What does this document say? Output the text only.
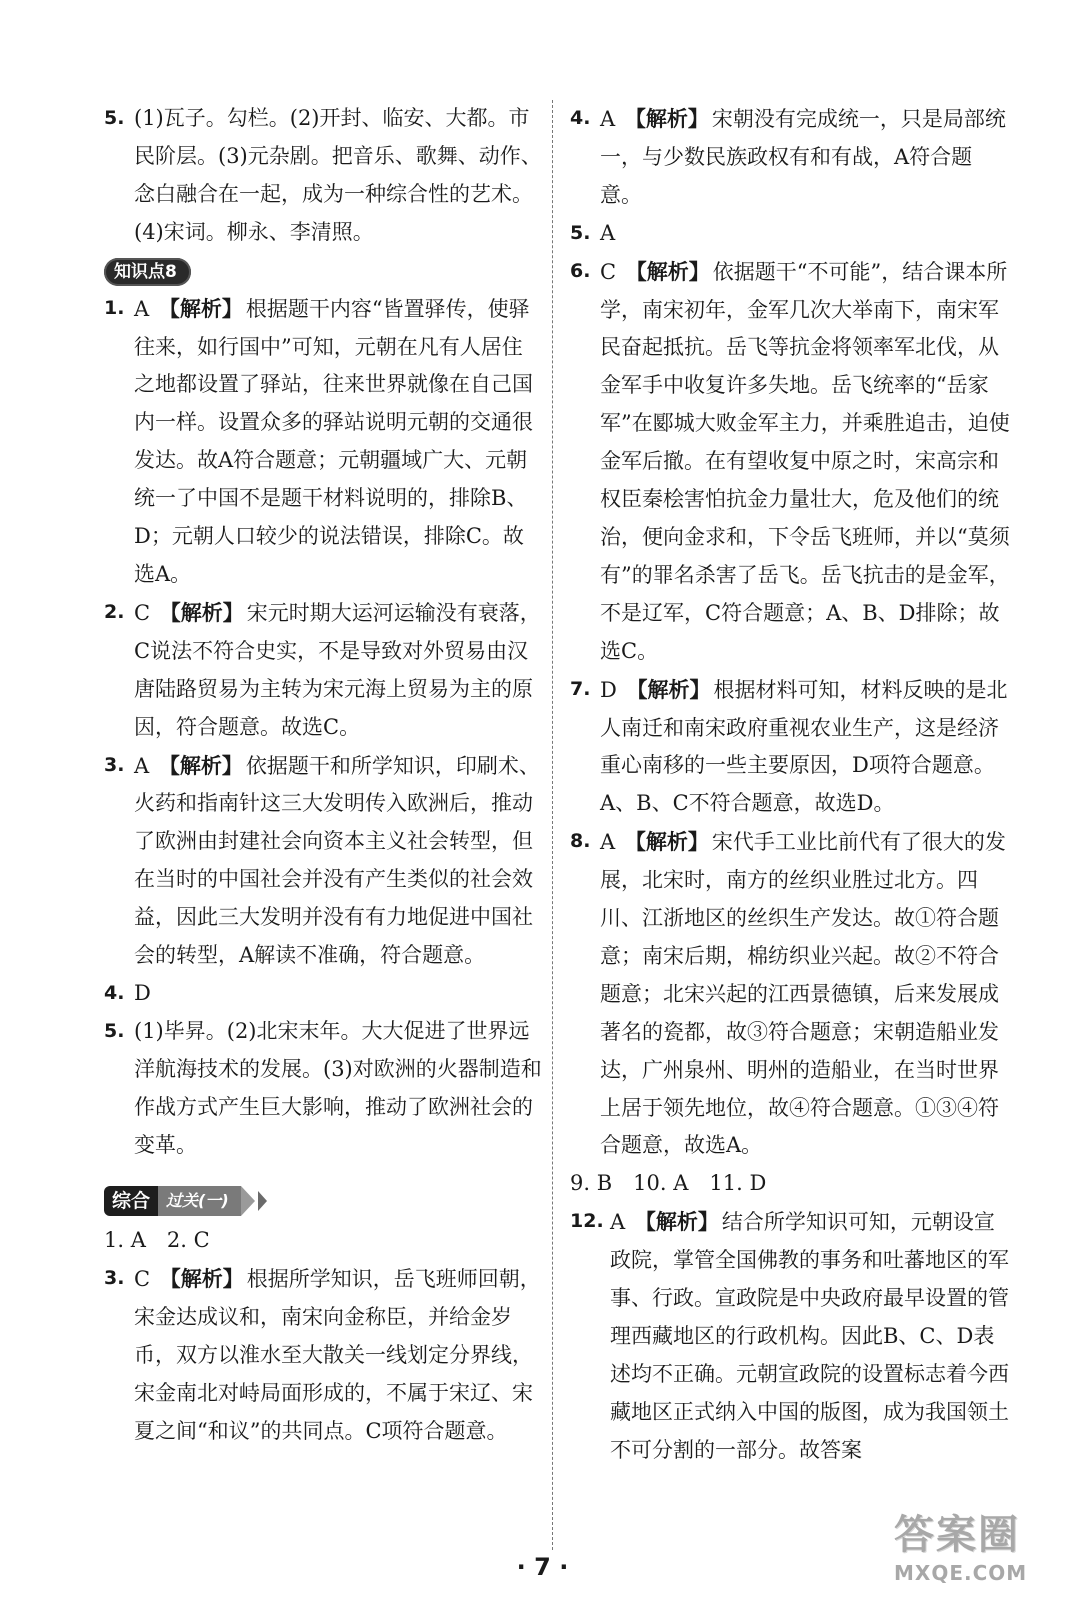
5. (1)瓦子。勾栏。(2)开封、临安、大都。市民阶层。(3)元杂剧。把音乐、歌舞、动作、念白融合在一起，成为一种综合性的艺术。(4)宋词。柳永、李清照。
知识点8
1. A 【解析】 根据题干内容“皆置驿传，使驿往来，如行国中”可知，元朝在凡有人居住之地都设置了驿站，往来世界就像在自己国内一样。设置众多的驿站说明元朝的交通很发达。故A符合题意；元朝疆域广大、元朝统一了中国不是题干材料说明的，排除B、D；元朝人口较少的说法错误，排除C。故选A。
2. C 【解析】 宋元时期大运河运输没有衰落，C说法不符合史实，不是导致对外贸易由汉唐陆路贸易为主转为宋元海上贸易为主的原因，符合题意。故选C。
3. A 【解析】 依据题干和所学知识，印刷术、火药和指南针这三大发明传入欧洲后，推动了欧洲由封建社会向资本主义社会转型，但在当时的中国社会并没有产生类似的社会效益，因此三大发明并没有有力地促进中国社会的转型，A解读不准确，符合题意。
4. D
5. (1)毕昇。(2)北宋末年。大大促进了世界远洋航海技术的发展。(3)对欧洲的火器制造和作战方式产生巨大影响，推动了欧洲社会的变革。
综合	过关(一)
1. A　2. C
3. C 【解析】 根据所学知识，岳飞班师回朝，宋金达成议和，南宋向金称臣，并给金岁币，双方以淮水至大散关一线划定分界线，宋金南北对峙局面形成的，不属于宋辽、宋夏之间“和议”的共同点。C项符合题意。
4. A 【解析】 宋朝没有完成统一，只是局部统一，与少数民族政权有和有战，A符合题意。
5. A
6. C 【解析】 依据题干“不可能”，结合课本所学，南宋初年，金军几次大举南下，南宋军民奋起抵抗。岳飞等抗金将领率军北伐，从金军手中收复许多失地。岳飞统率的“岳家军”在郾城大败金军主力，并乘胜追击，迫使金军后撤。在有望收复中原之时，宋高宗和权臣秦桧害怕抗金力量壮大，危及他们的统治，便向金求和，下令岳飞班师，并以“莫须有”的罪名杀害了岳飞。岳飞抗击的是金军，不是辽军，C符合题意；A、B、D排除；故选C。
7. D 【解析】 根据材料可知，材料反映的是北人南迁和南宋政府重视农业生产，这是经济重心南移的一些主要原因，D项符合题意。A、B、C不符合题意，故选D。
8. A 【解析】 宋代手工业比前代有了很大的发展，北宋时，南方的丝织业胜过北方。四川、江浙地区的丝织生产发达。故①符合题意；南宋后期，棉纺织业兴起。故②不符合题意；北宋兴起的江西景德镇，后来发展成著名的瓷都，故③符合题意；宋朝造船业发达，广州泉州、明州的造船业，在当时世界上居于领先地位，故④符合题意。①③④符合题意，故选A。
9. B　10. A　11. D
12. A 【解析】 结合所学知识可知，元朝设宣政院，掌管全国佛教的事务和吐蕃地区的军事、行政。宣政院是中央政府最早设置的管理西藏地区的行政机构。因此B、C、D表述均不正确。元朝宣政院的设置标志着今西藏地区正式纳入中国的版图，成为我国领土不可分割的一部分。故答案
· 7 ·
答案圈
MXQE.COM
